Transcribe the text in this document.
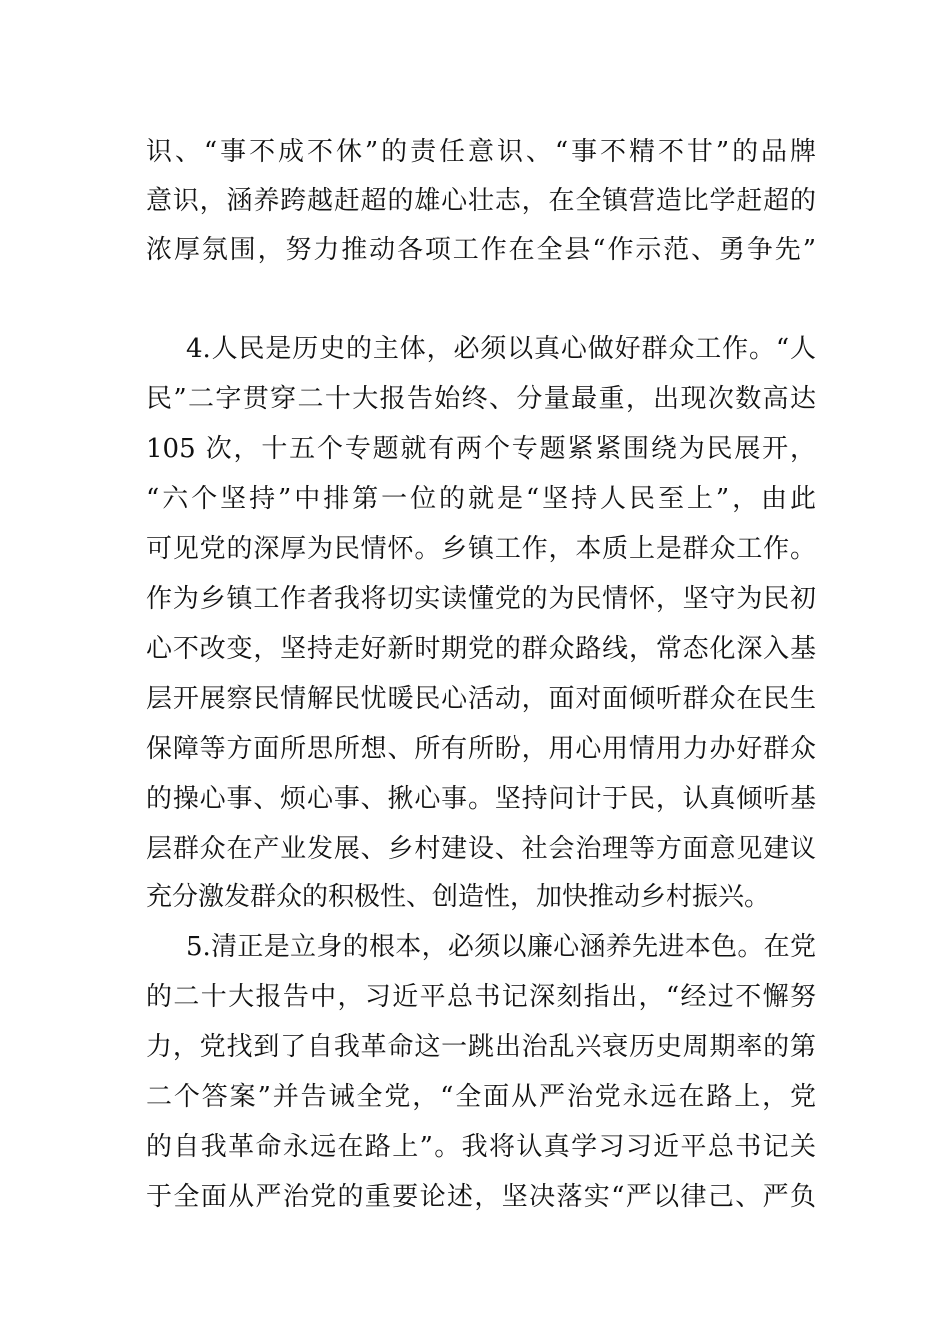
识、“事不成不休”的责任意识、“事不精不甘”的品牌
意识，涵养跨越赶超的雄心壮志，在全镇营造比学赶超的
浓厚氛围，努力推动各项工作在全县“作示范、勇争先”
4.人民是历史的主体，必须以真心做好群众工作。“人
民”二字贯穿二十大报告始终、分量最重，出现次数高达
105 次，十五个专题就有两个专题紧紧围绕为民展开，
“六个坚持”中排第一位的就是“坚持人民至上”，由此
可见党的深厚为民情怀。乡镇工作，本质上是群众工作。
作为乡镇工作者我将切实读懂党的为民情怀，坚守为民初
心不改变，坚持走好新时期党的群众路线，常态化深入基
层开展察民情解民忧暖民心活动，面对面倾听群众在民生
保障等方面所思所想、所有所盼，用心用情用力办好群众
的操心事、烦心事、揪心事。坚持问计于民，认真倾听基
层群众在产业发展、乡村建设、社会治理等方面意见建议
充分激发群众的积极性、创造性，加快推动乡村振兴。
5.清正是立身的根本，必须以廉心涵养先进本色。在党
的二十大报告中，习近平总书记深刻指出，“经过不懈努
力，党找到了自我革命这一跳出治乱兴衰历史周期率的第
二个答案”并告诫全党，“全面从严治党永远在路上，党
的自我革命永远在路上”。我将认真学习习近平总书记关
于全面从严治党的重要论述，坚决落实“严以律己、严负
